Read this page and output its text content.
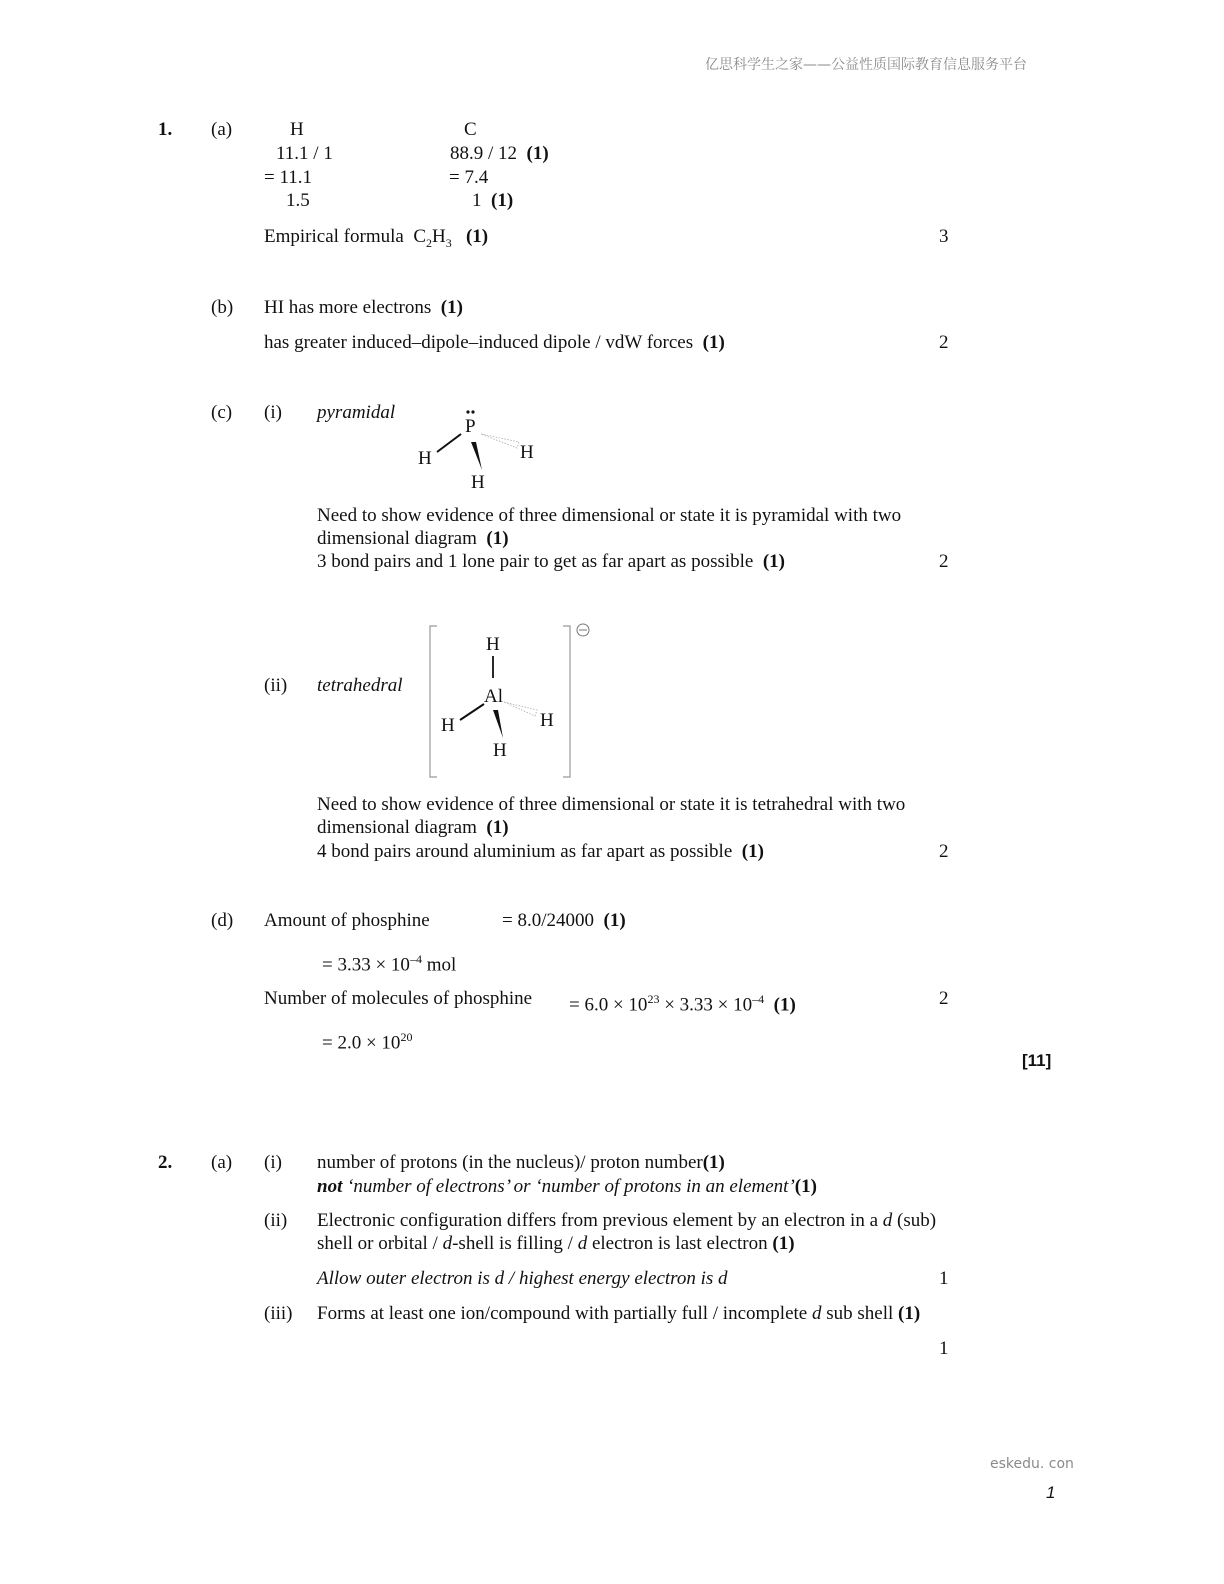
亿思科学生之家——公益性质国际教育信息服务平台
eskedu. con
1
1. (a)	H	C
11.1 / 1	88.9 / 12 (1)
= 11.1	= 7.4
1.5	1 (1)
Empirical formula  $C_2H_3$ (1)	3
(b) HI has more electrons (1)
has greater induced–dipole–induced dipole / vdW forces (1)	2
(c) (i) pyramidal
P
H	H
H
Need to show evidence of three dimensional or state it is pyramidal with two
dimensional diagram (1)
3 bond pairs and 1 lone pair to get as far apart as possible (1)	2
(ii) tetrahedral
H
Al
H	H
H
Need to show evidence of three dimensional or state it is tetrahedral with two
dimensional diagram (1)
4 bond pairs around aluminium as far apart as possible (1)	2
(d) Amount of phosphine	= 8.0/24000 (1)
= $3.33 \times 10^{-4}$ mol
Number of molecules of phosphine = $6.0 \times 10^{23} \times 3.33 \times 10^{-4}$ (1)	2
= $2.0 \times 10^{20}$
[11]
2. (a) (i) number of protons (in the nucleus)/ proton number(1)
not ‘number of electrons’ or ‘number of protons in an element’(1)
(ii) Electronic configuration differs from previous element by an electron in a d (sub)
shell or orbital / d-shell is filling / d electron is last electron (1)
Allow outer electron is d / highest energy electron is d	1
(iii) Forms at least one ion/compound with partially full / incomplete d sub shell (1)
1
